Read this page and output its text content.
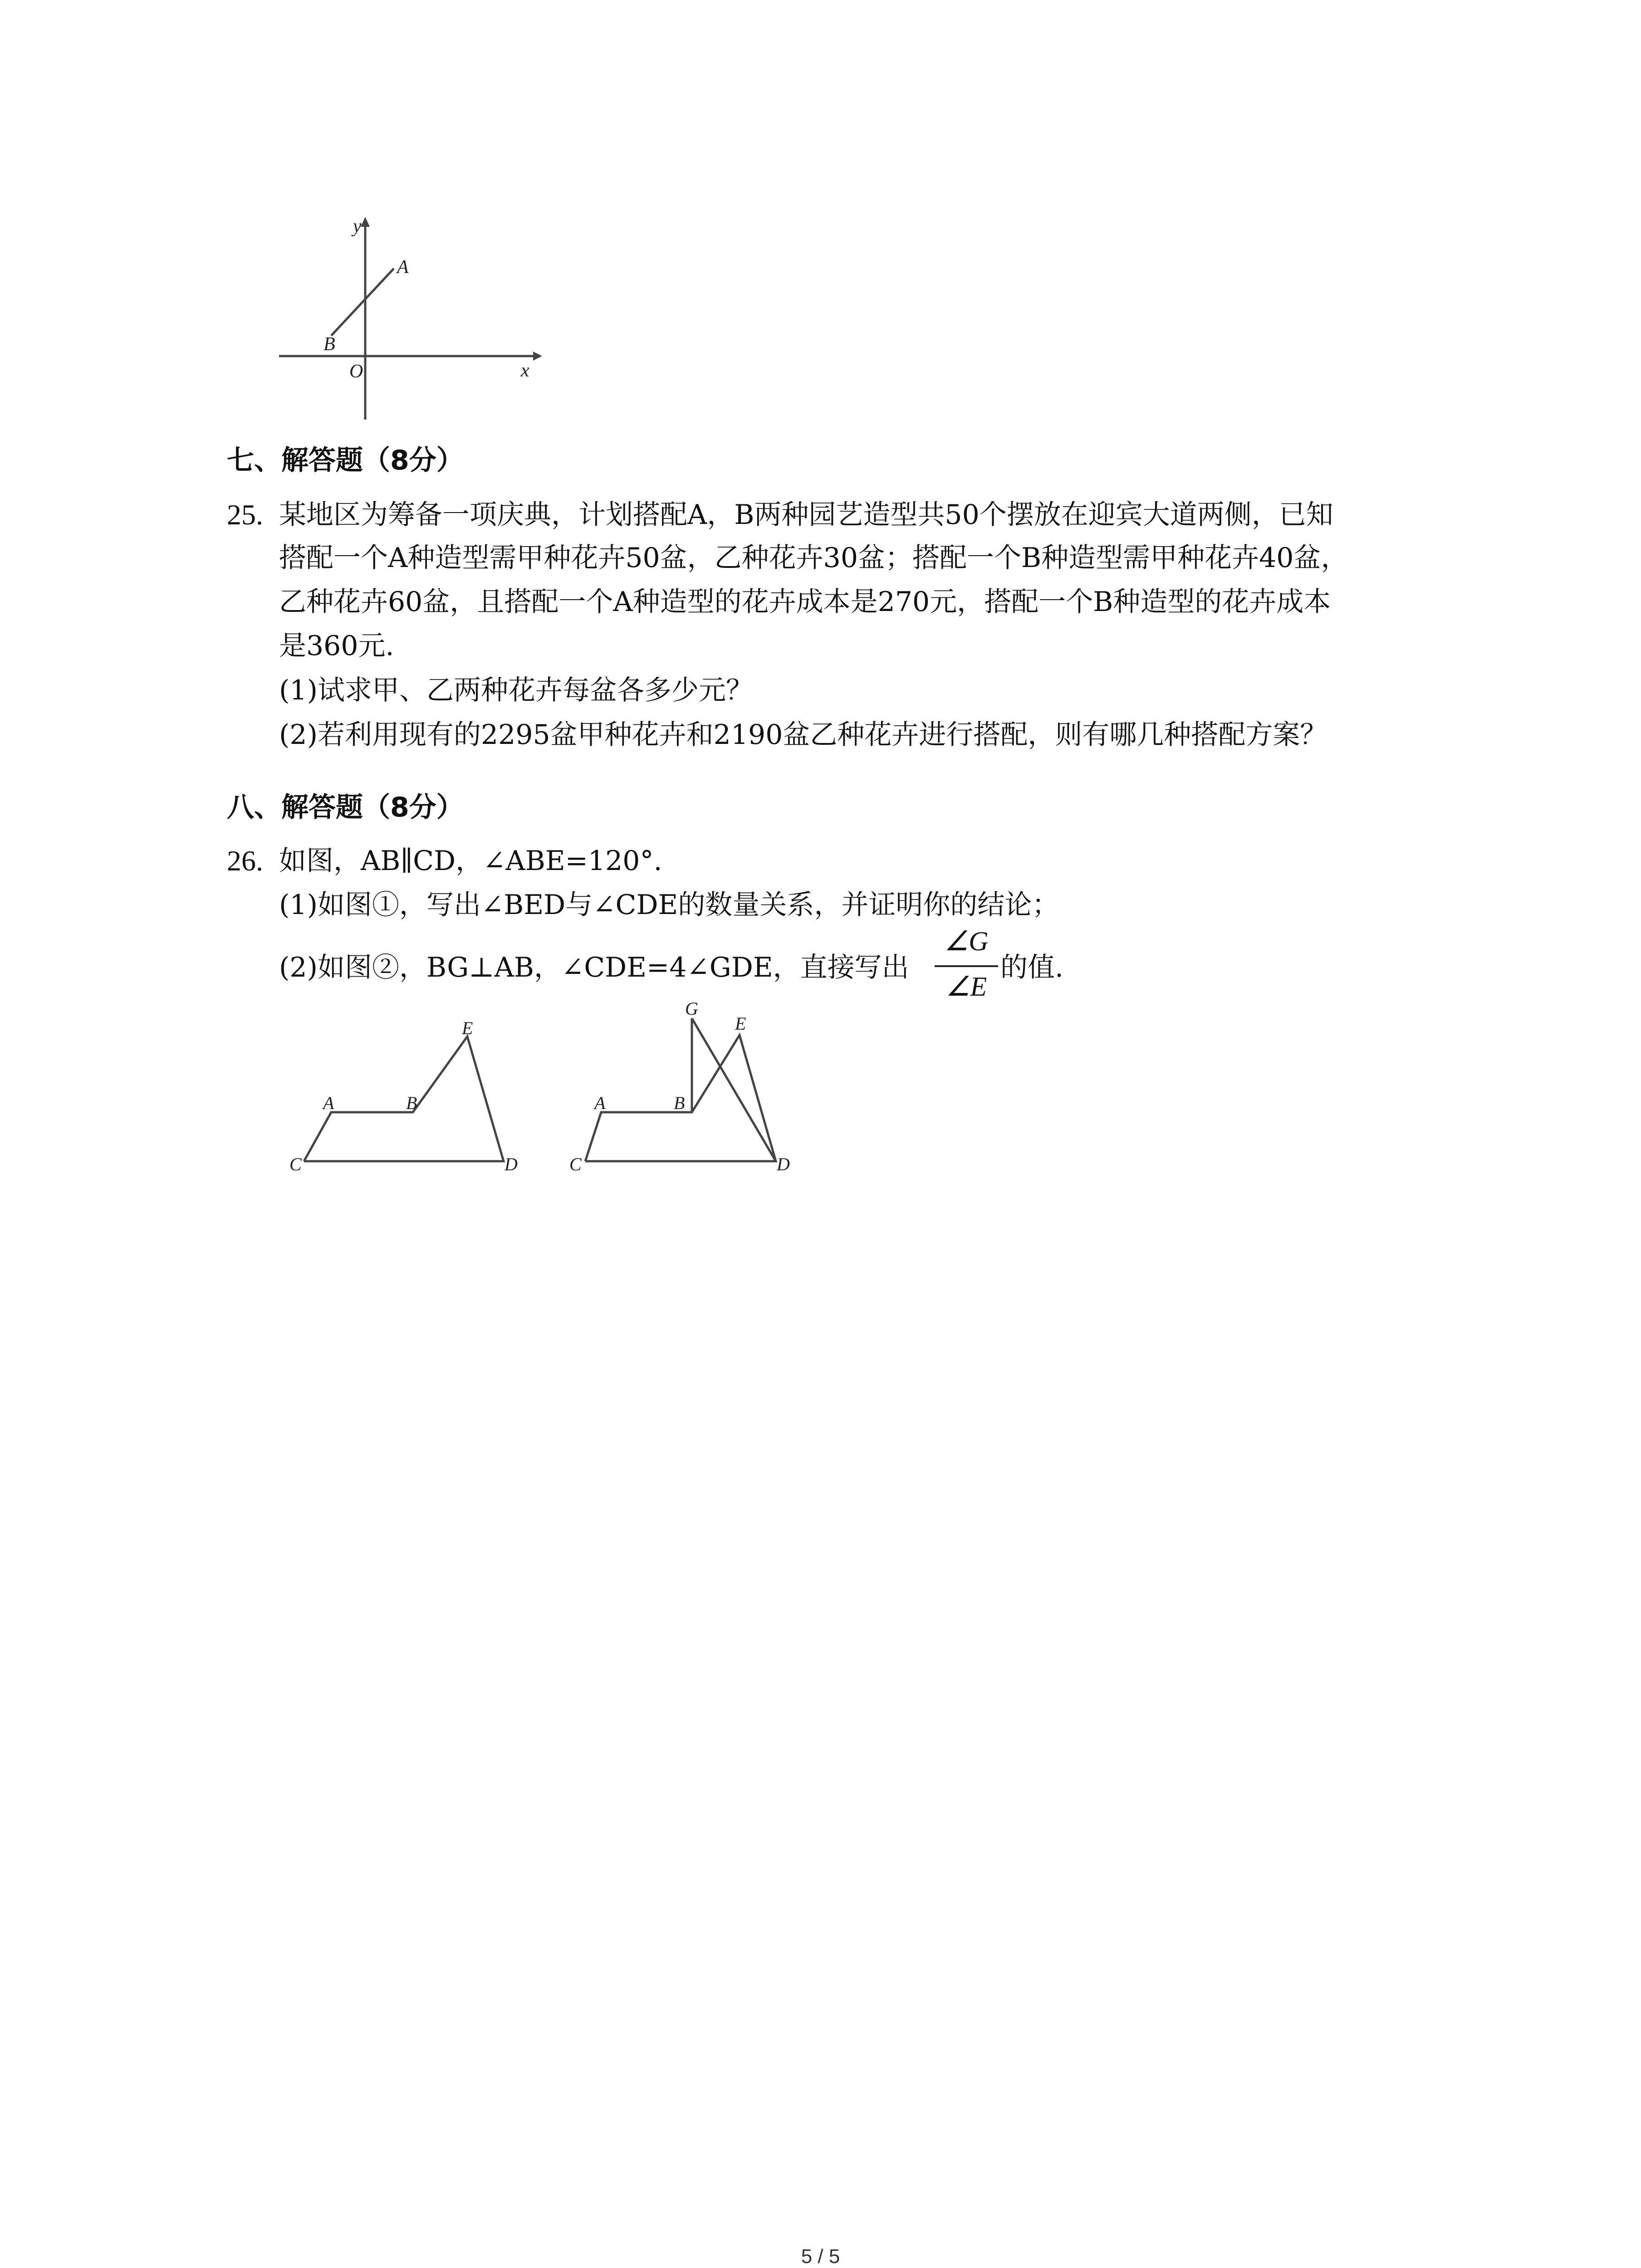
y
x
O
A
B
七、解答题（8分）
25. 某地区为筹备一项庆典，计划搭配A，B两种园艺造型共50个摆放在迎宾大道两侧，已知
搭配一个A种造型需甲种花卉50盆，乙种花卉30盆；搭配一个B种造型需甲种花卉40盆，
乙种花卉60盆，且搭配一个A种造型的花卉成本是270元，搭配一个B种造型的花卉成本
是360元.
(1)试求甲、乙两种花卉每盆各多少元？
(2)若利用现有的2295盆甲种花卉和2190盆乙种花卉进行搭配，则有哪几种搭配方案？
八、解答题（8分）
26. 如图，AB∥CD，∠ABE=120°.
(1)如图①，写出∠BED与∠CDE的数量关系，并证明你的结论；
(2)如图②，BG⊥AB，∠CDE=4∠GDE，直接写出
∠G
∠E
的值.
A	B
C	D
E
A	B
C	D
E
G
5 / 5
